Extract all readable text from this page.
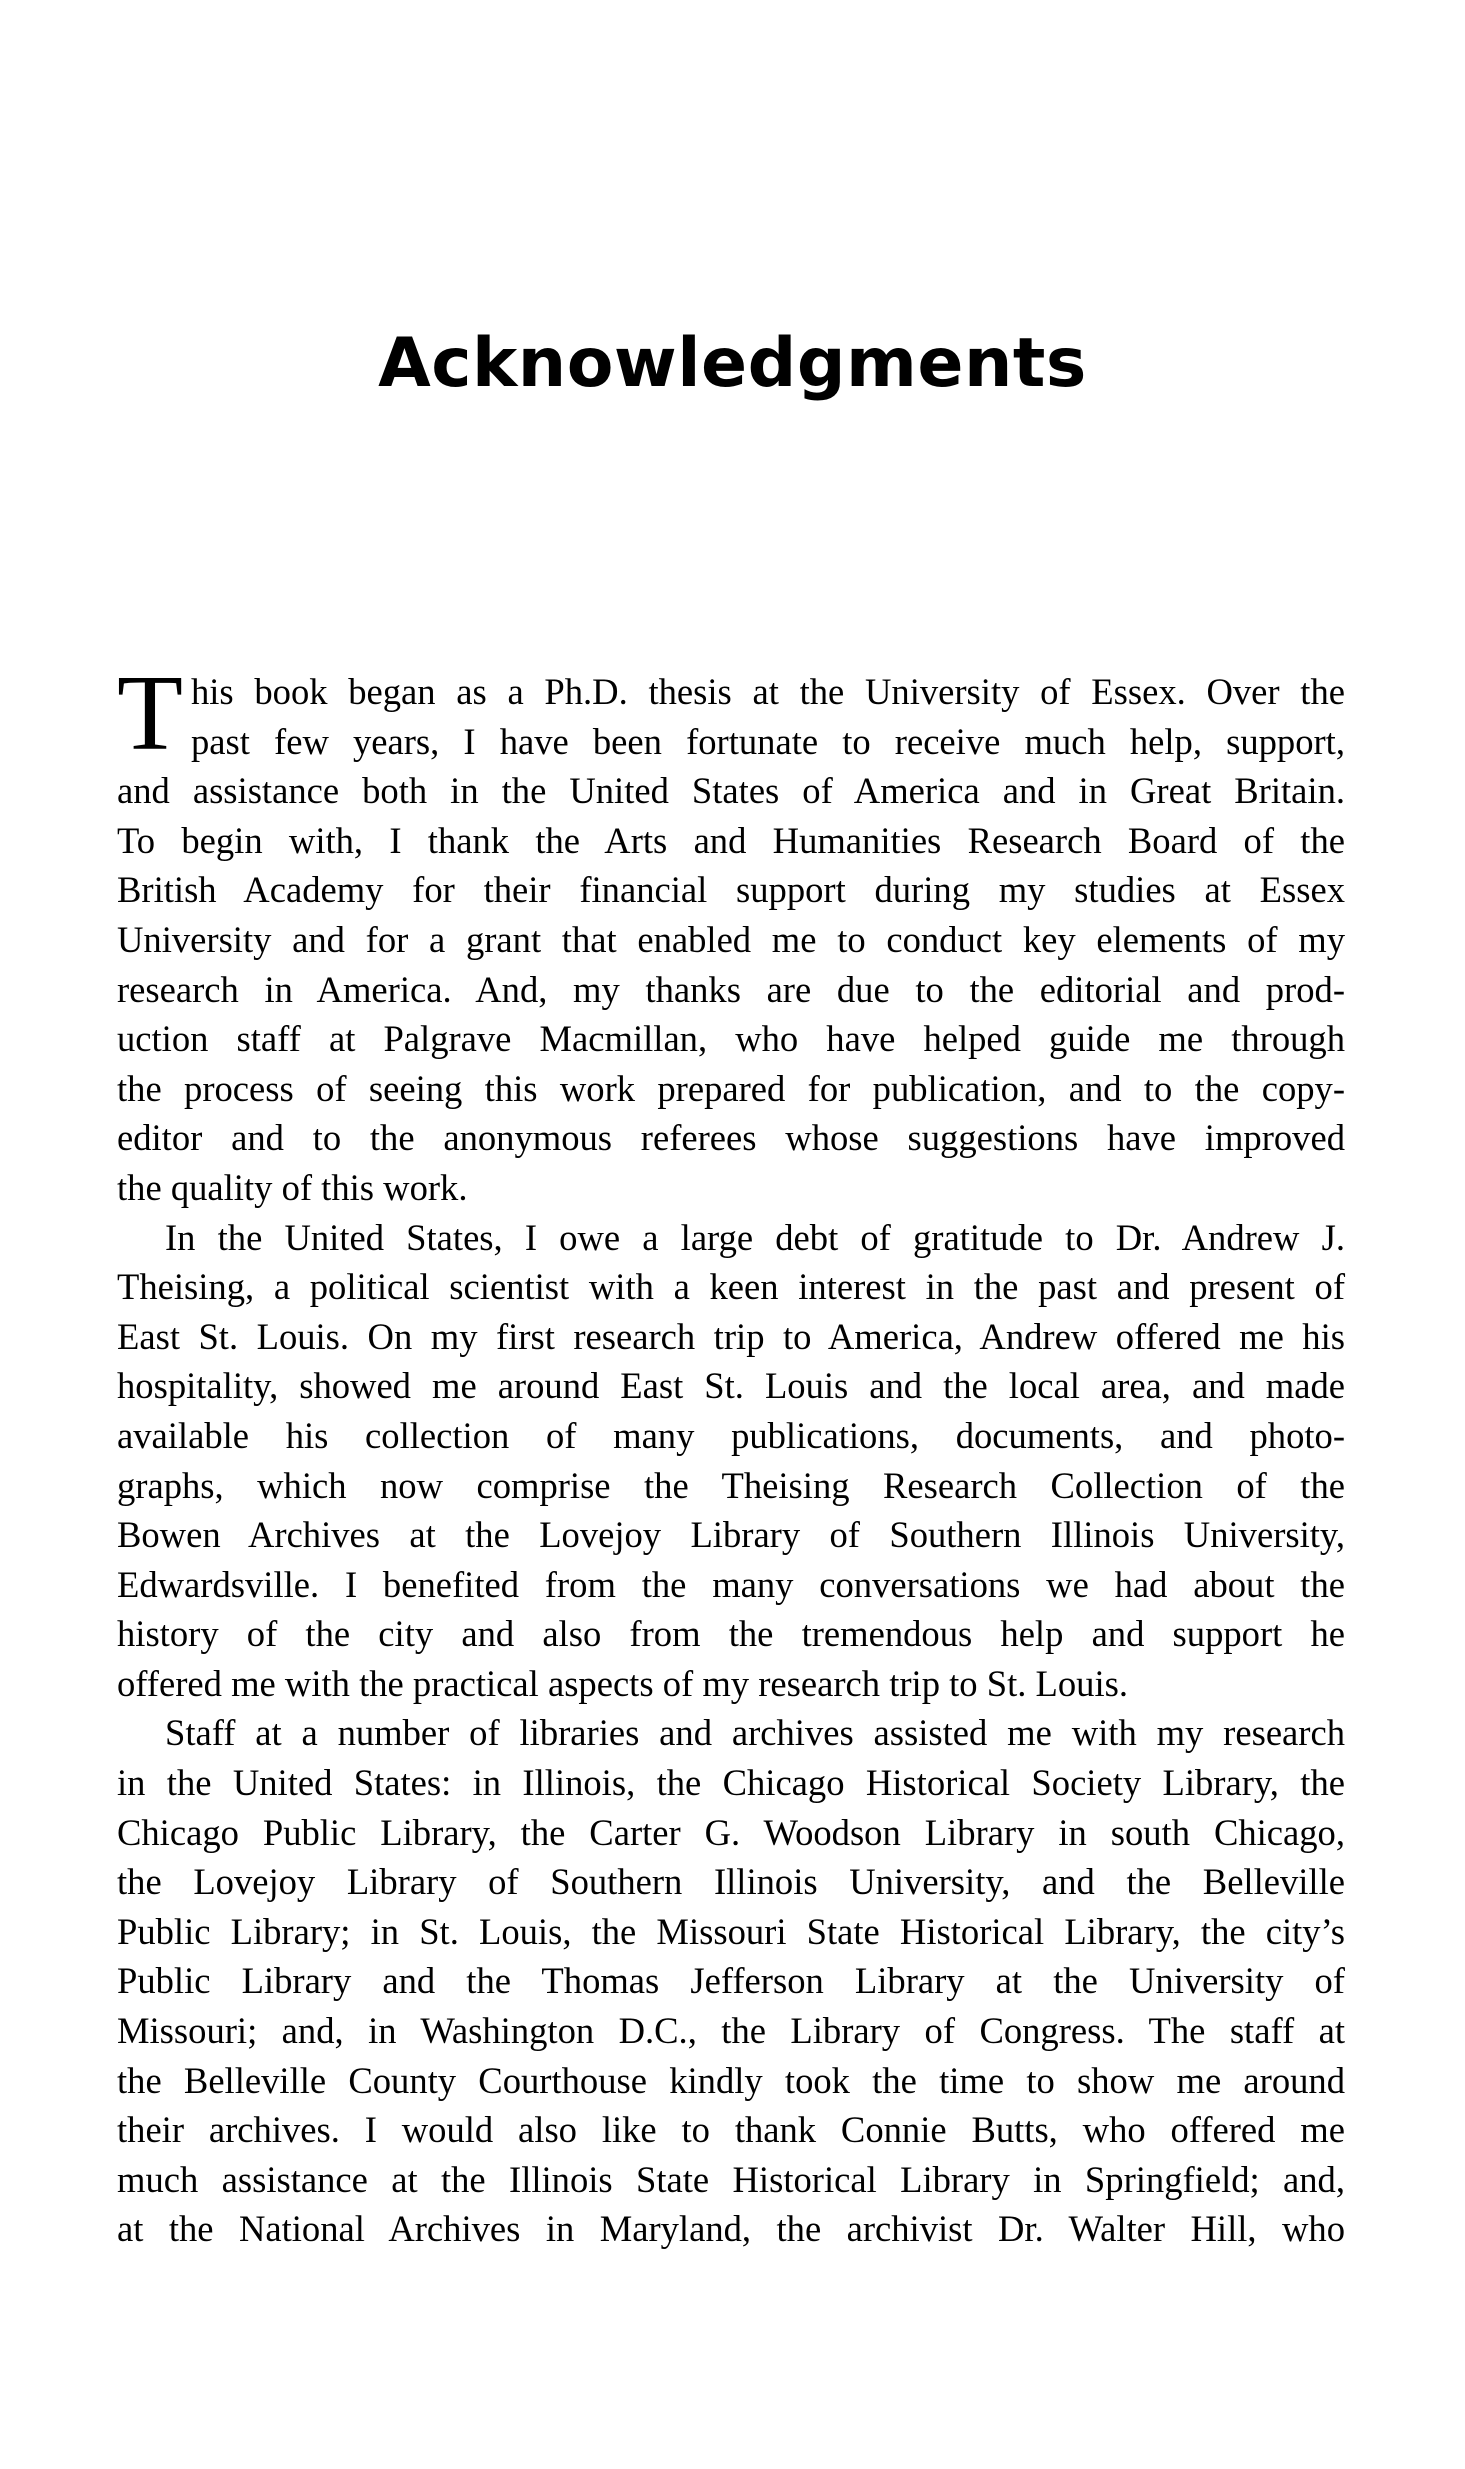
Acknowledgments

T his book began as a Ph.D. thesis at the University of Essex. Over the
past few years, I have been fortunate to receive much help, support,
and assistance both in the United States of America and in Great Britain.
To begin with, I thank the Arts and Humanities Research Board of the
British Academy for their financial support during my studies at Essex
University and for a grant that enabled me to conduct key elements of my
research in America. And, my thanks are due to the editorial and prod-
uction staff at Palgrave Macmillan, who have helped guide me through
the process of seeing this work prepared for publication, and to the copy-
editor and to the anonymous referees whose suggestions have improved
the quality of this work.

In the United States, I owe a large debt of gratitude to Dr. Andrew J.
Theising, a political scientist with a keen interest in the past and present of
East St. Louis. On my first research trip to America, Andrew offered me his
hospitality, showed me around East St. Louis and the local area, and made
available his collection of many publications, documents, and photo-
graphs, which now comprise the Theising Research Collection of the
Bowen Archives at the Lovejoy Library of Southern Illinois University,
Edwardsville. I benefited from the many conversations we had about the
history of the city and also from the tremendous help and support he
offered me with the practical aspects of my research trip to St. Louis.

Staff at a number of libraries and archives assisted me with my research
in the United States: in Illinois, the Chicago Historical Society Library, the
Chicago Public Library, the Carter G. Woodson Library in south Chicago,
the Lovejoy Library of Southern Illinois University, and the Belleville
Public Library; in St. Louis, the Missouri State Historical Library, the city’s
Public Library and the Thomas Jefferson Library at the University of
Missouri; and, in Washington D.C., the Library of Congress. The staff at
the Belleville County Courthouse kindly took the time to show me around
their archives. I would also like to thank Connie Butts, who offered me
much assistance at the Illinois State Historical Library in Springfield; and,
at the National Archives in Maryland, the archivist Dr. Walter Hill, who
